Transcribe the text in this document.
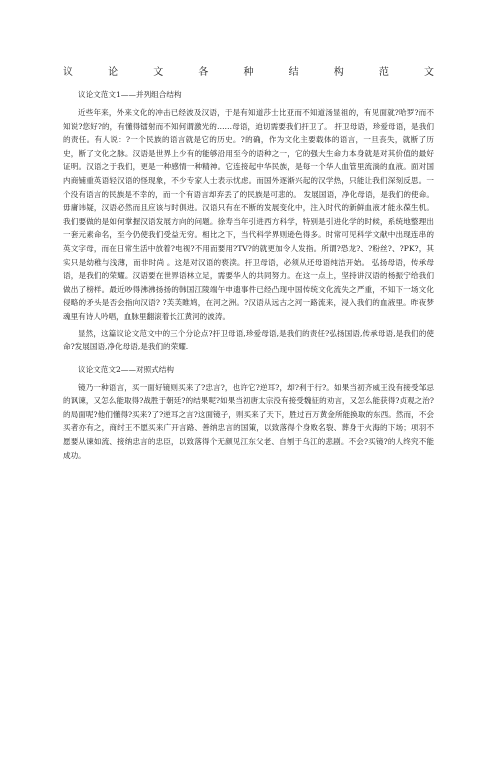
议	论	文	各	种	结	构	范	文

议论文范文1——并列组合结构

近些年来，外来文化的冲击已经波及汉语，于是有知道莎士比亚而不知道汤显祖的，有见面就?哈罗?而不知说?您好?的，有懂得镭射而不知何谓激光的……母语，迫切需要我们扞卫了。 扞卫母语，珍爱母语，是我们的责任。有人说：?一个民族的语言就是它的历史。?的确，作为文化主要载体的语言，一旦丧失，就断了历史，断了文化之脉。汉语是世界上少有的能够沿用至今的语种之一，它的强大生命力本身就是对其价值的最好证明。汉语之于我们，更是一种感情一种精神。它连接起中华民族，是每一个华人血管里流淌的血液。面对国内商铺重英语轻汉语的怪现象，不少专家人士表示忧虑。而国外逐渐兴起的汉学热，只能让我们深刻反思。一个没有语言的民族是不幸的，而一个有语言却弃丢了的民族是可悲的。 发展国语，净化母语，是我们的使命。毋庸讳疑，汉语必然而且应该与时俱进。汉语只有在不断的发展变化中，注入时代的新鲜血液才能永葆生机。我们要做的是如何掌握汉语发展方向的问题。徐寿当年引进西方科学，特别是引进化学的时候，系统地整理出一套元素命名，至今仍使我们受益无穷。相比之下，当代科学界则逊色得多。时常可见科学文献中出现连串的英文字母，而在日常生活中放着?电视?不用而要用?TV?的就更加令人发指。所谓?恐龙?、?粉丝?、?PK?，其实只是幼稚与浅薄，而非时尚 。这是对汉语的亵渎。扞卫母语，必须从还母语纯洁开始。 弘扬母语，传承母语，是我们的荣耀。汉语要在世界语林立足，需要华人的共同努力。在这一点上，坚持讲汉语的杨振宁给我们做出了榜样。最近吵得沸沸扬扬的韩国江陵端午申遗事件已经凸现中国传统文化流失之严重，不知下一场文化侵略的矛头是否会指向汉语? ?芙芙睢鸠，在河之洲。?汉语从远古之河一路流来，浸入我们的血液里。昨夜梦魂里有诗人吟唱，血脉里翻滚着长江黄河的波涛。

显然，这篇议论文范文中的三个分论点?扞卫母语,珍爱母语,是我们的责任?弘扬国语,传承母语,是我们的使命?发展国语,净化母语,是我们的荣耀.

议论文范文2——对照式结构

镜乃一种语言，买一面好镜则买来了?忠言?，也许它?逆耳?，却?利于行?。如果当初齐威王没有接受邹忌的讽谏，又怎么能取得?战胜于朝廷?的结果呢?如果当初唐太宗没有接受魏征的劝言，又怎么能获得?贞观之治?的局面呢?他们懂得?买来?了?逆耳之言?这面镜子，则买来了天下，胜过百万黄金所能换取的东西。然而，不会买者亦有之，商纣王不愿买来广开言路、善纳忠言的国策，以致落得个身败名裂、葬身于火海的下场；项羽不愿要从谏如流、接纳忠言的忠臣，以致落得个无颜见江东父老、自刎于乌江的悲剧。不会?买镜?的人终究不能成功。
